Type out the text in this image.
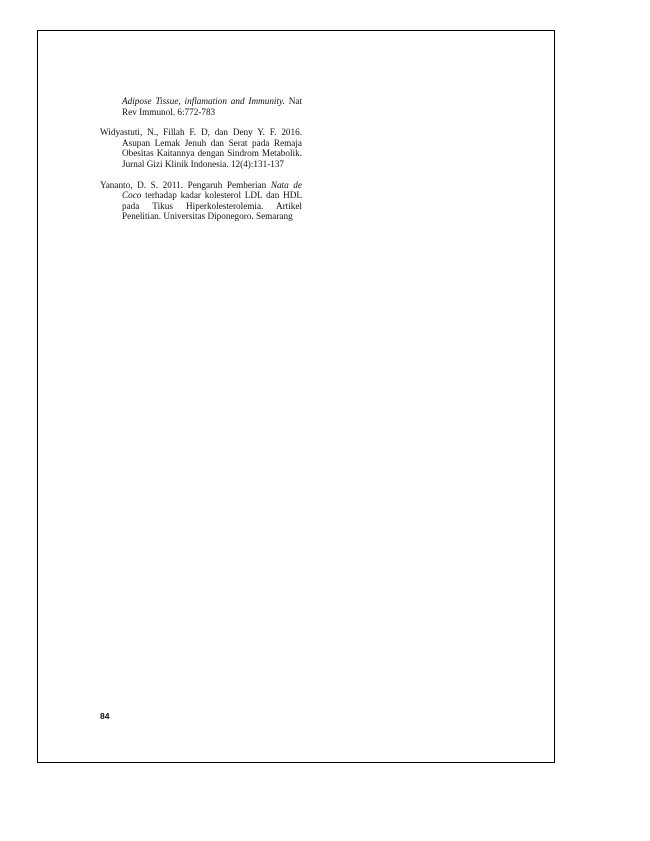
Adipose Tissue, inflamation and Immunity. Nat Rev Immunol. 6:772-783

Widyastuti, N., Fillah F. D, dan Deny Y. F. 2016. Asupan Lemak Jenuh dan Serat pada Remaja Obesitas Kaitannya dengan Sindrom Metabolik. Jurnal Gizi Klinik Indonesia. 12(4):131-137

Yananto, D. S. 2011. Pengaruh Pemberian Nata de Coco terhadap kadar kolesterol LDL dan HDL pada Tikus Hiperkolesterolemia. Artikel Penelitian. Universitas Diponegoro. Semarang

84
